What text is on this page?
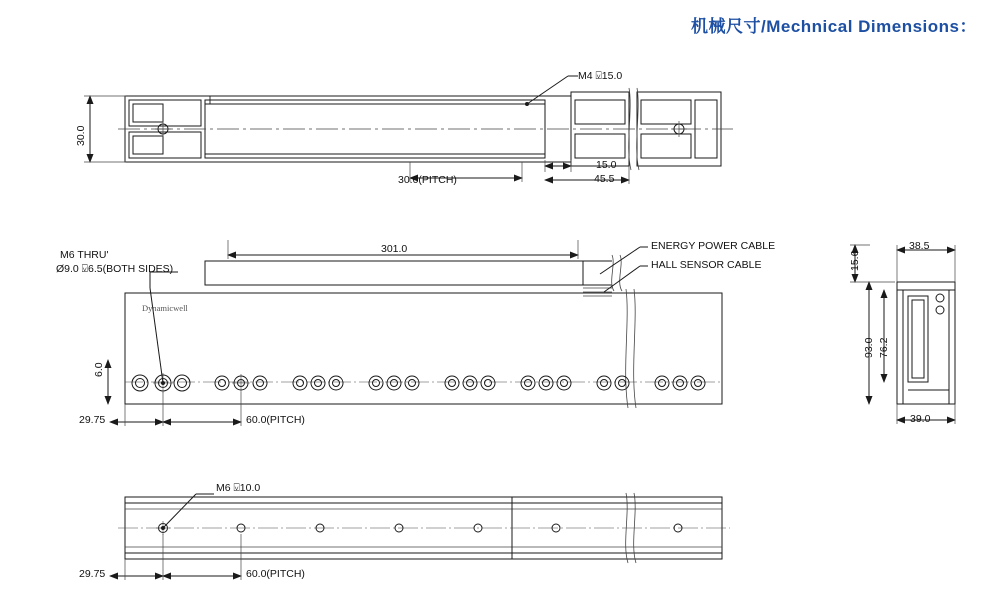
机械尺寸/Mechnical Dimensions：
Dynamicwell
M4 ⍌15.0
30.0
30.0(PITCH)
15.0
45.5
M6 THRU'
Ø9.0 ⍌6.5(BOTH SIDES)
301.0	ENERGY POWER CABLE
HALL SENSOR CABLE
6.0
29.75	60.0(PITCH)
15.6
38.5
93.0 76.2
39.0
M6 ⍌10.0
29.75	60.0(PITCH)
